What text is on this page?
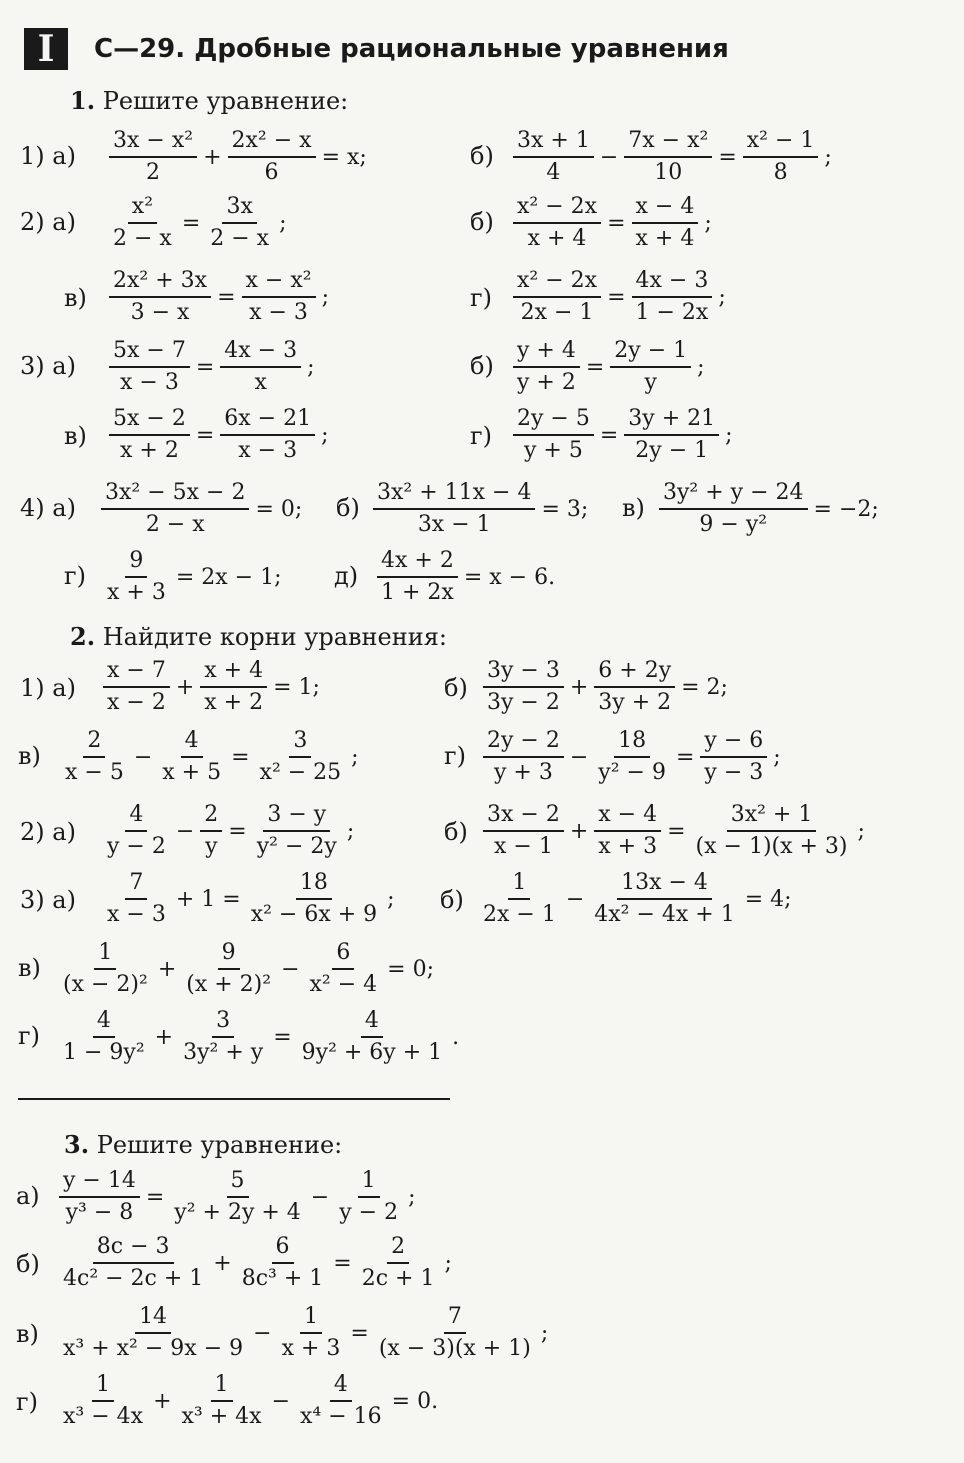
I	С—29. Дробные рациональные уравнения
1. Решите уравнение:
1) $а) \frac{\text{3x − x²}}{2} + \frac{\text{2x² − x}}{6} = x$;	$б) \frac{3x + 1}{4} - \frac{\text{7x − x²}}{10} = \frac{\text{x² − 1}}{8}$ ;
2) $а) \frac{\text{x²}}{2 - x} = \frac{3x}{2 - x}$ ;	$б) \frac{\text{x² − 2x}}{x + 4} = \frac{x - 4}{x + 4}$ ;
$в) \frac{\text{2x² + 3x}}{3 - x} = \frac{\text{x − x²}}{x - 3}$ ;	$г) \frac{\text{x² − 2x}}{2x - 1} = \frac{4x - 3}{1 - 2x}$ ;
3) $а) \frac{5x - 7}{x - 3} = \frac{4x - 3}{x}$ ;	$б) \frac{y + 4}{y + 2} = \frac{2y - 1}{y}$ ;
$в) \frac{5x - 2}{x + 2} = \frac{6x - 21}{x - 3}$ ;	$г) \frac{2y - 5}{y + 5} = \frac{3y + 21}{2y - 1}$ ;
4) $а) \frac{\text{3x² − 5x − 2}}{2 - x} = 0$; $б) \frac{\text{3x² + 11x − 4}}{3x - 1} = 3$; $в) \frac{\text{3y² + y − 24}}{\text{9 − y²}} = -2$;
$г) \frac{9}{x + 3} = 2x - 1$; $д) \frac{4x + 2}{1 + 2x} = x - 6$.
2. Найдите корни уравнения:
1) $а) \frac{x - 7}{x - 2} + \frac{x + 4}{x + 2} = 1$;	$б) \frac{3y - 3}{3y - 2} + \frac{6 + 2y}{3y + 2} = 2$;
$в) \frac{2}{x - 5} - \frac{4}{x + 5} = \frac{3}{\text{x² − 25}}$ ;	$г) \frac{2y - 2}{y + 3} - \frac{18}{\text{y² − 9}} = \frac{y - 6}{y - 3}$ ;
2) $а) \frac{4}{y - 2} - \frac{2}{y} = \frac{3 - y}{\text{y² − 2y}}$ ;	$б) \frac{3x - 2}{x - 1} + \frac{x - 4}{x + 3} = \frac{\text{3x² + 1}}{(x - 1)(x + 3)}$ ;
3) $а) \frac{7}{x - 3} + 1 = \frac{18}{\text{x² − 6x + 9}}$ ; $б) \frac{1}{2x - 1} - \frac{13x - 4}{\text{4x² − 4x + 1}} = 4$;
$в) \frac{1}{\text{(x − 2)²}} + \frac{9}{\text{(x + 2)²}} - \frac{6}{\text{x² − 4}} = 0$;
$г) \frac{4}{\text{1 − 9y²}} + \frac{3}{\text{3y² + y}} = \frac{4}{\text{9y² + 6y + 1}}$ .
3. Решите уравнение:
$а) \frac{y - 14}{\text{y³ − 8}} = \frac{5}{\text{y² + 2y + 4}} - \frac{1}{y - 2}$ ;
$б) \frac{8c - 3}{\text{4c² − 2c + 1}} + \frac{6}{\text{8c³ + 1}} = \frac{2}{2c + 1}$ ;
$в) \frac{14}{\text{x³ + x² − 9x − 9}} - \frac{1}{x + 3} = \frac{7}{(x - 3)(x + 1)}$ ;
$г) \frac{1}{\text{x³ − 4x}} + \frac{1}{\text{x³ + 4x}} - \frac{4}{\text{x⁴ − 16}} = 0$.
